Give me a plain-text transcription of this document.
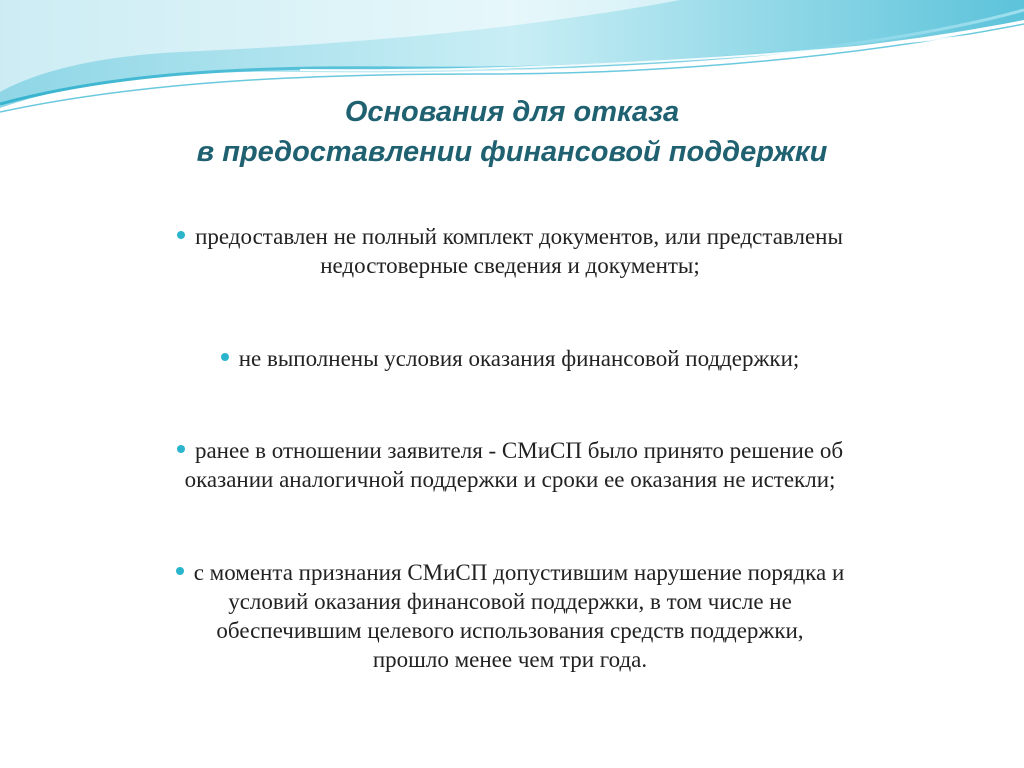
Основания для отказа
в предоставлении финансовой поддержки
предоставлен не полный комплект документов, или представлены
недостоверные сведения и документы;
не выполнены условия оказания финансовой поддержки;
ранее в отношении заявителя - СМиСП было принято решение об
оказании аналогичной поддержки и сроки ее оказания не истекли;
с момента признания СМиСП допустившим нарушение порядка и
условий оказания финансовой поддержки, в том числе не
обеспечившим целевого использования средств поддержки,
прошло менее чем три года.
